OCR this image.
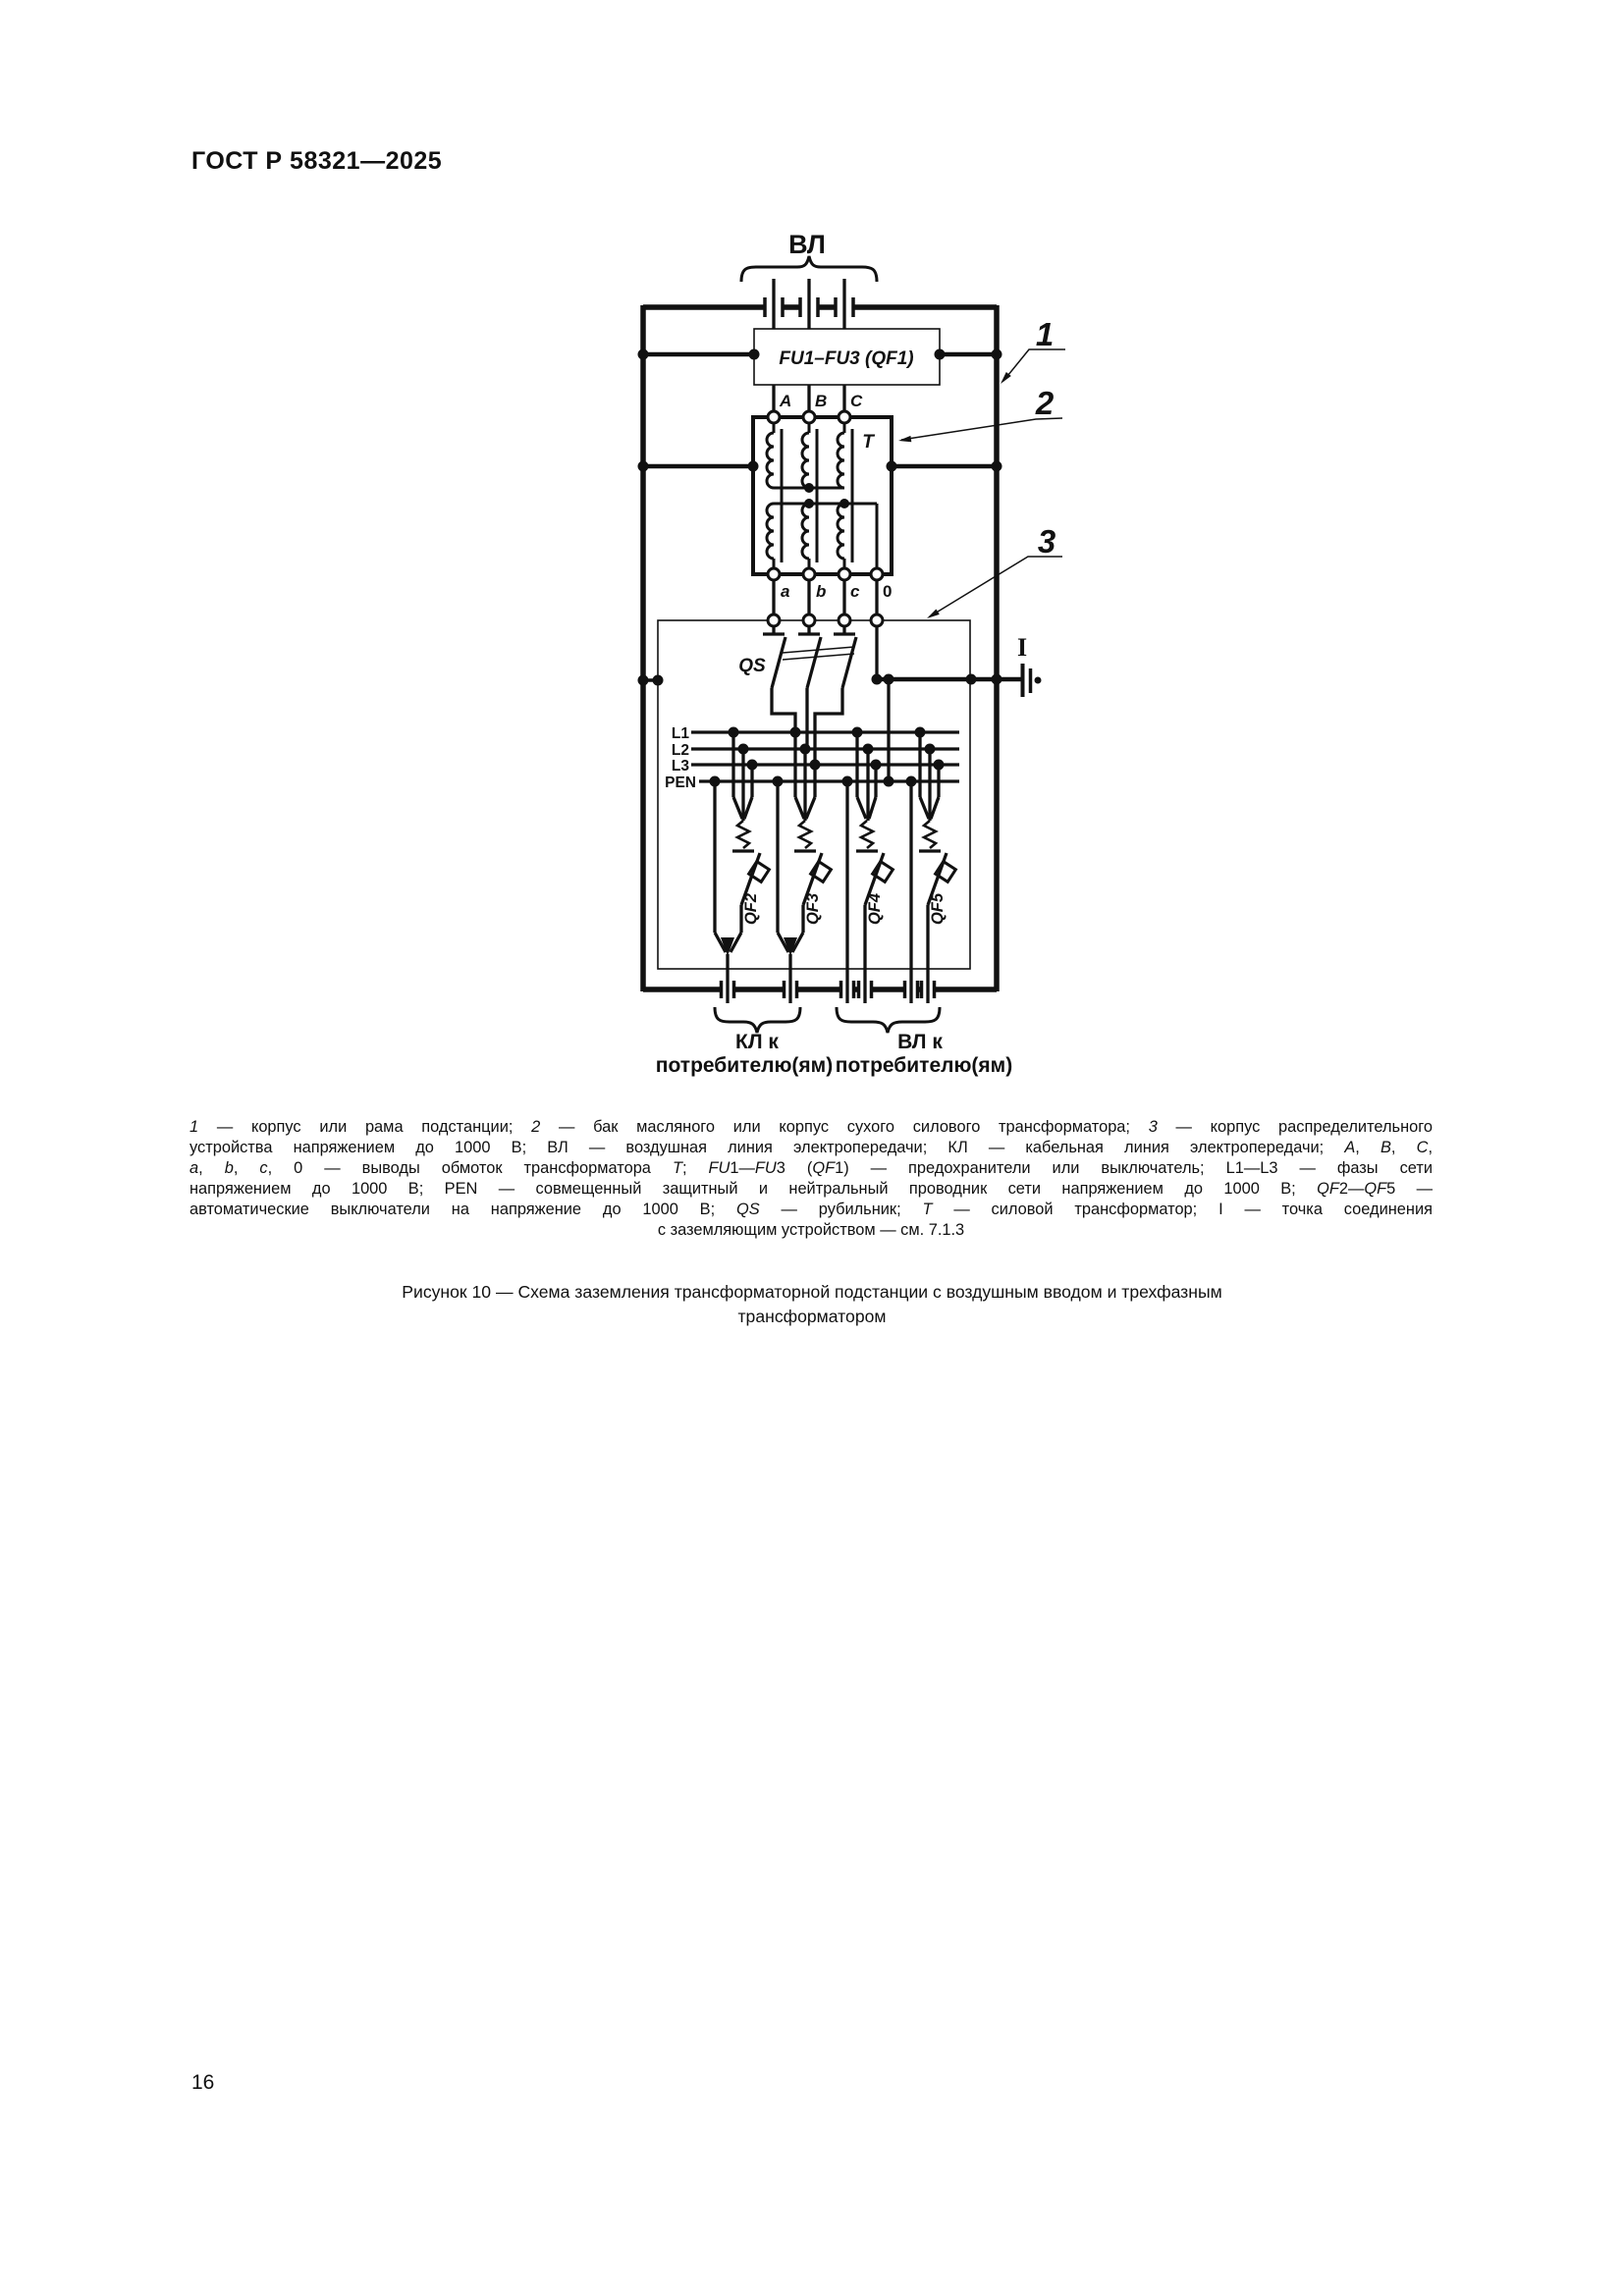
ГОСТ Р 58321—2025
ВЛ
FU1–FU3 (QF1)
A B C
T
a b c 0
QS
I
L1
L2
L3
PEN
QF2	QF3	QF4	QF5
КЛ к
потребителю(ям)
ВЛ к
потребителю(ям)
1
2
3
1 — корпус или рама подстанции; 2 — бак масляного или корпус сухого силового трансформатора; 3 — корпус распределительного
устройства напряжением до 1000 В; ВЛ — воздушная линия электропередачи; КЛ — кабельная линия электропередачи; А, В, С,
a, b, c, 0 — выводы обмоток трансформатора Т; FU1—FU3 (QF1) — предохранители или выключатель; L1—L3 — фазы сети
напряжением до 1000 В; PEN — совмещенный защитный и нейтральный проводник сети напряжением до 1000 В; QF2—QF5 —
автоматические выключатели на напряжение до 1000 В; QS — рубильник; Т — силовой трансформатор; I — точка соединения
с заземляющим устройством — см. 7.1.3
Рисунок 10 — Схема заземления трансформаторной подстанции с воздушным вводом и трехфазным
трансформатором
16
